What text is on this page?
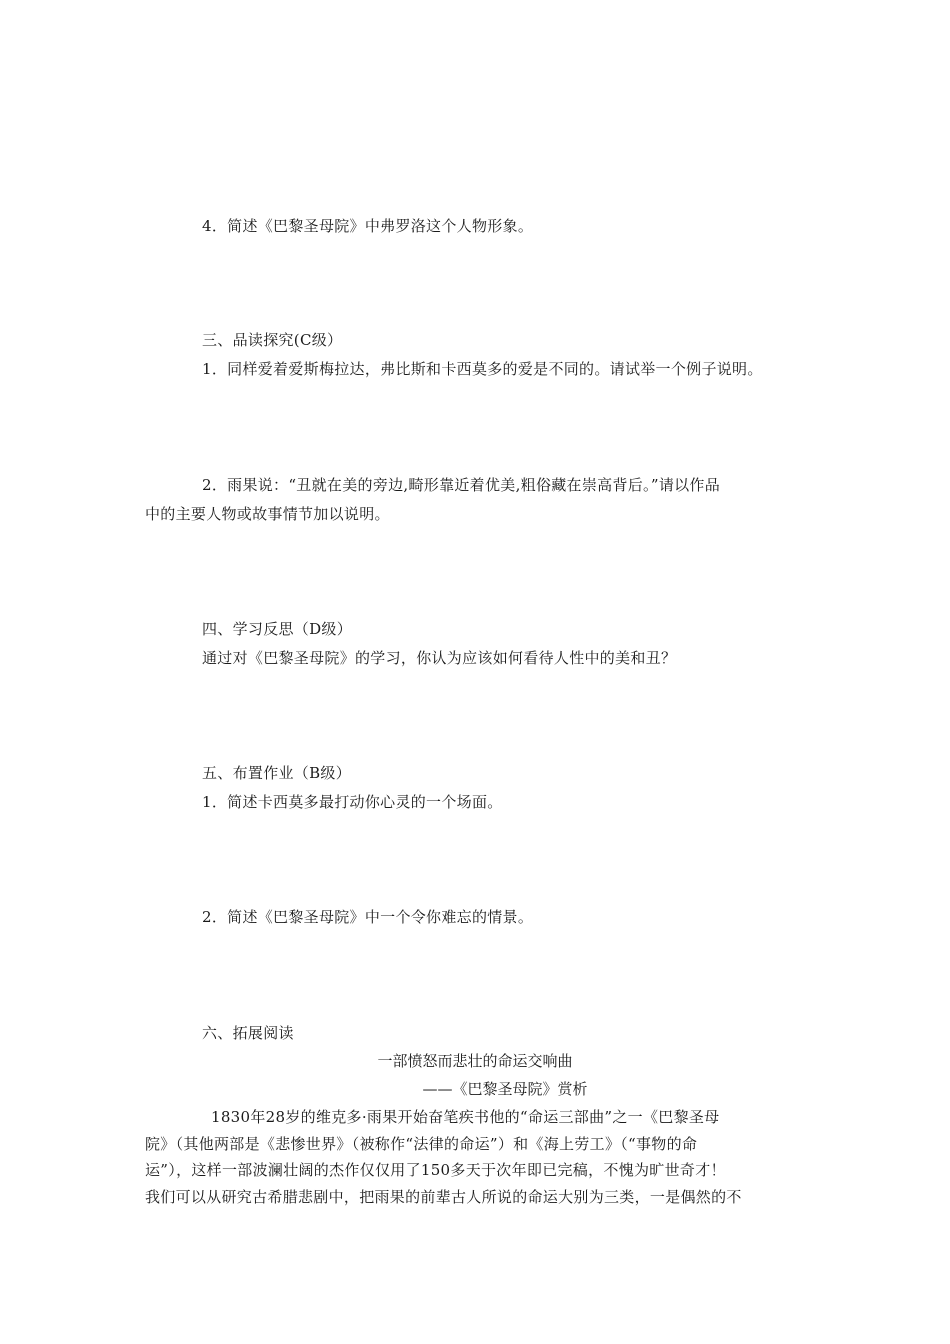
4．简述《巴黎圣母院》中弗罗洛这个人物形象。
三、品读探究(C级）
1．同样爱着爱斯梅拉达，弗比斯和卡西莫多的爱是不同的。请试举一个例子说明。
2．雨果说：“丑就在美的旁边,畸形靠近着优美,粗俗藏在崇高背后。”请以作品
中的主要人物或故事情节加以说明。
四、学习反思（D级）
通过对《巴黎圣母院》的学习，你认为应该如何看待人性中的美和丑？
五、布置作业（B级）
1．简述卡西莫多最打动你心灵的一个场面。
2．简述《巴黎圣母院》中一个令你难忘的情景。
六、拓展阅读
一部愤怒而悲壮的命运交响曲
——《巴黎圣母院》赏析

1830年28岁的维克多·雨果开始奋笔疾书他的“命运三部曲”之一《巴黎圣母

院》（其他两部是《悲惨世界》（被称作“法律的命运”）和《海上劳工》（“事物的命

运”），这样一部波澜壮阔的杰作仅仅用了150多天于次年即已完稿，不愧为旷世奇才！

我们可以从研究古希腊悲剧中，把雨果的前辈古人所说的命运大别为三类，一是偶然的不
